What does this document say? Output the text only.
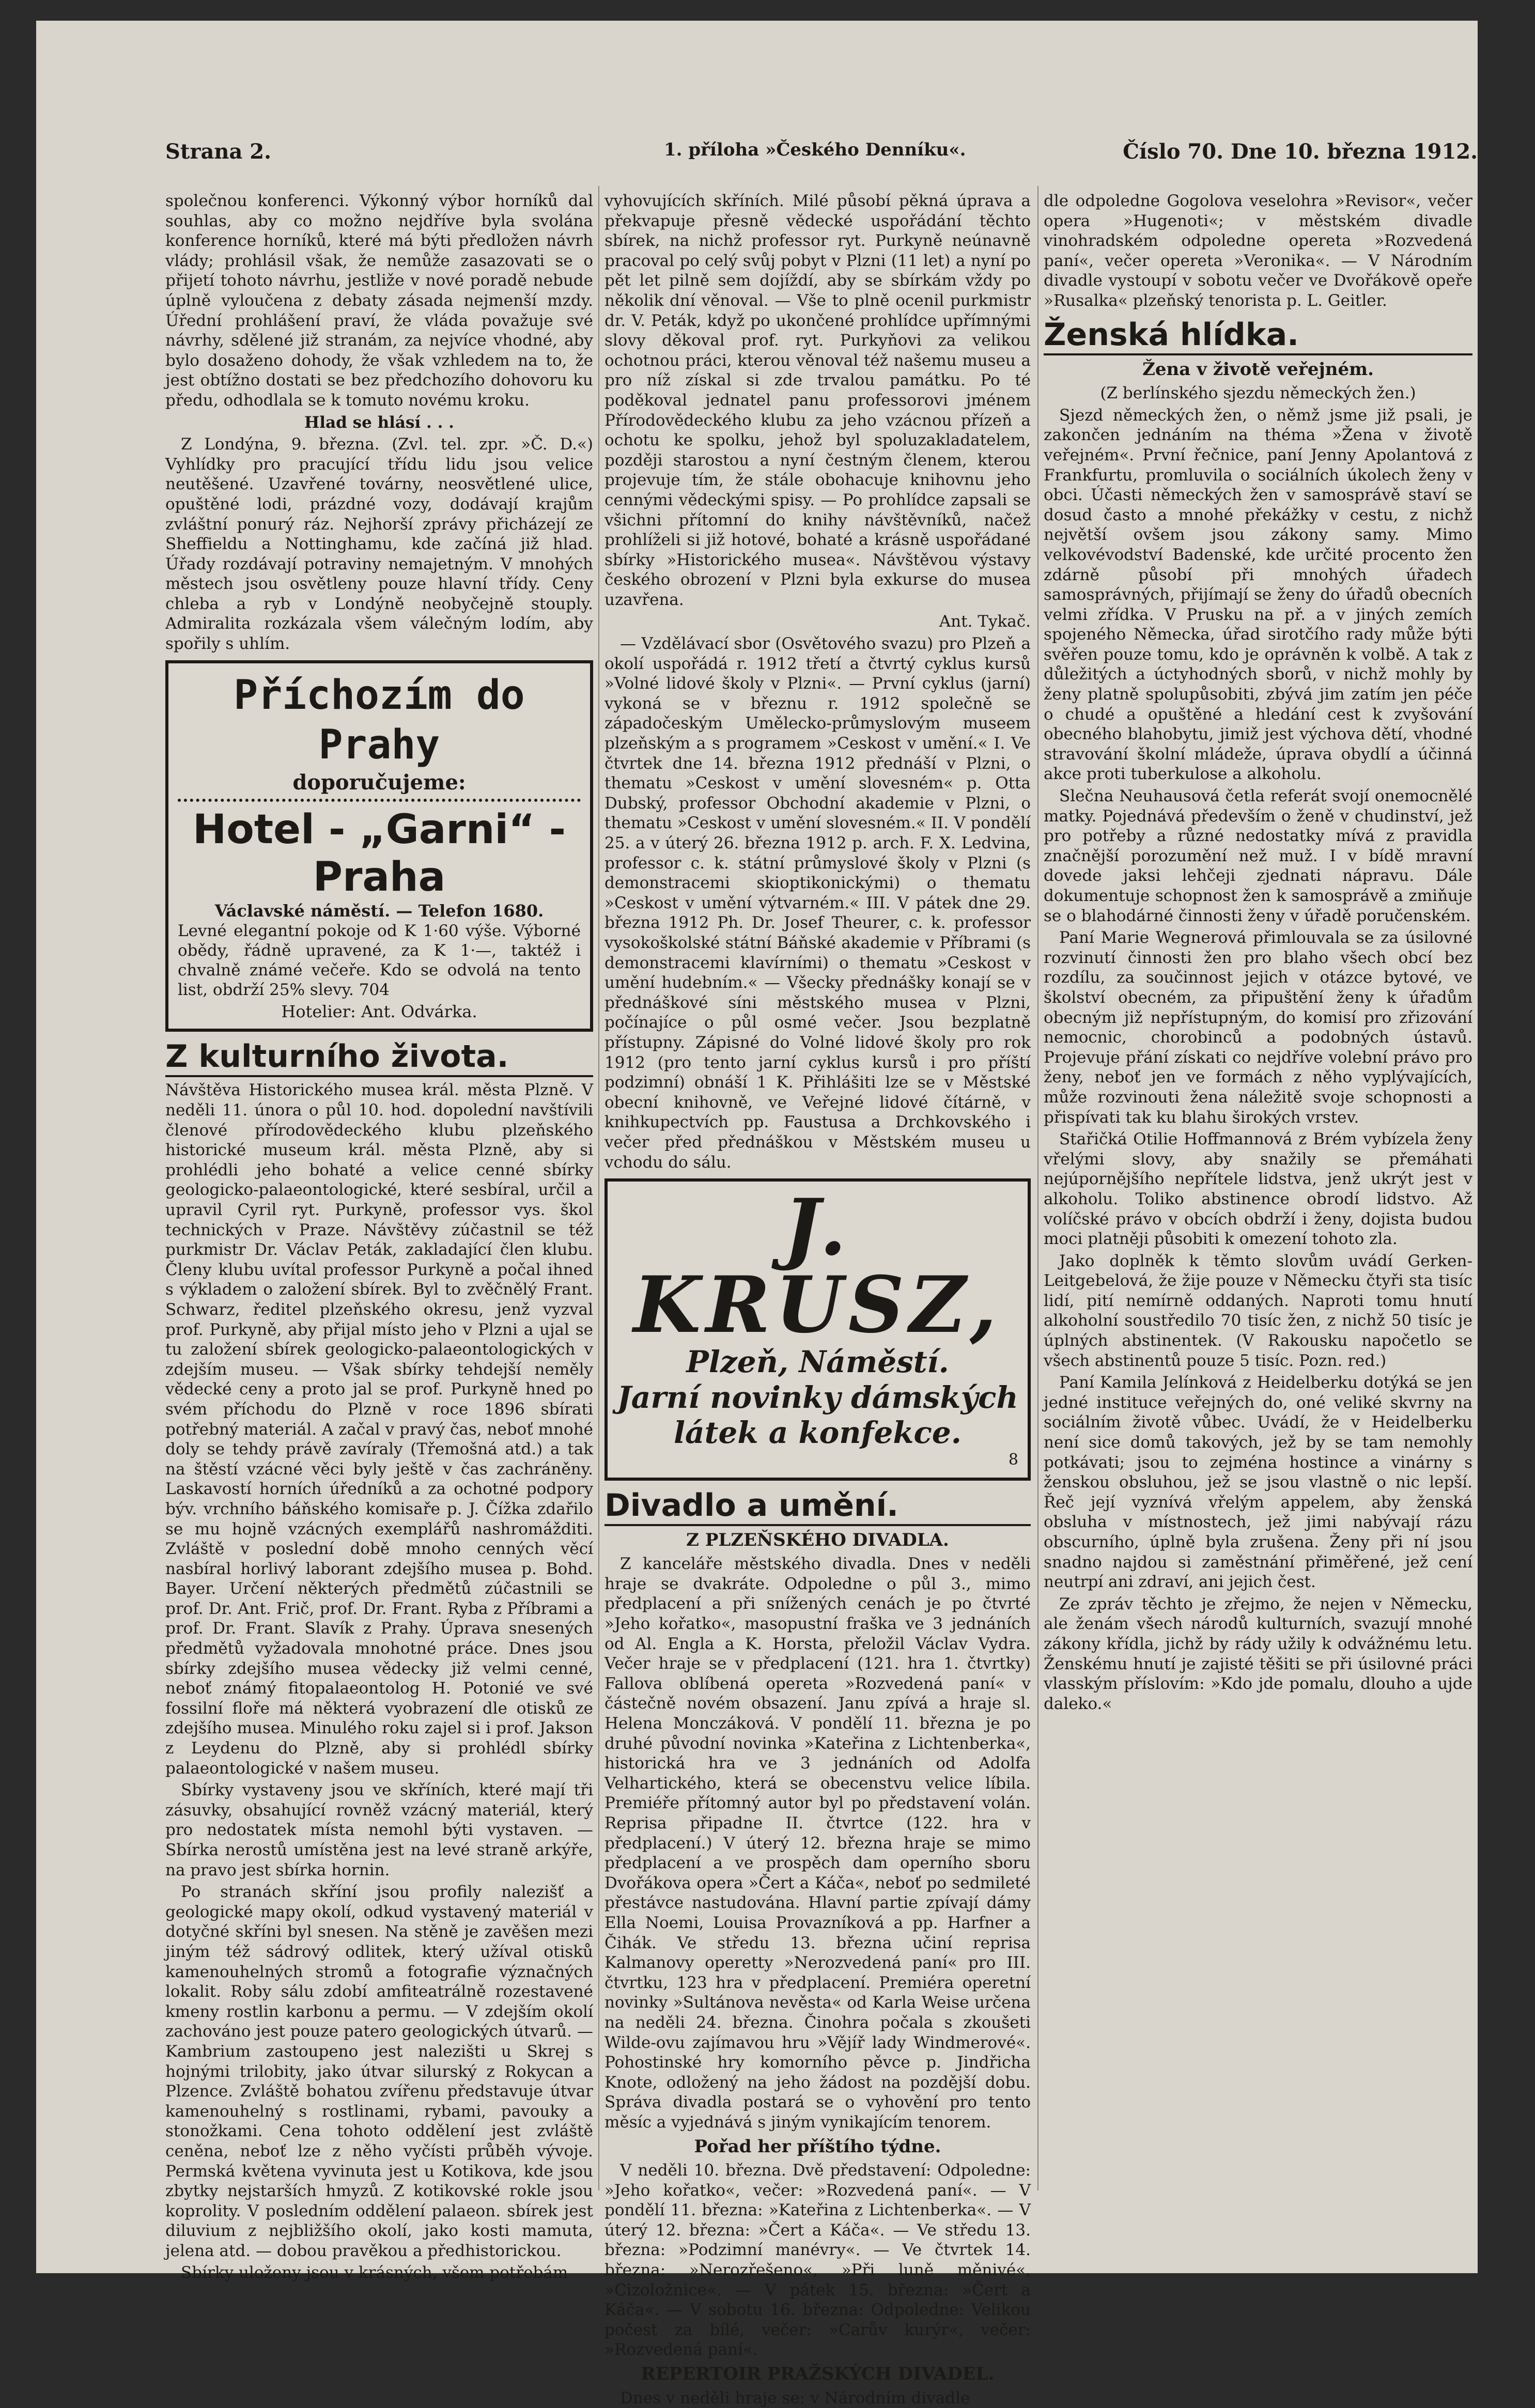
Strana 2.	1. příloha »Českého Denníku«.	Číslo 70. Dne 10. března 1912.

společnou konferenci. Výkonný výbor horníků dal souhlas, aby co možno nejdříve byla svolána konference horníků, které má býti předložen návrh vlády; prohlásil však, že nemůže zasazovati se o přijetí tohoto návrhu, jestliže v nové poradě nebude úplně vyloučena z debaty zásada nejmenší mzdy. Úřední prohlášení praví, že vláda považuje své návrhy, sdělené již stranám, za nejvíce vhodné, aby bylo dosaženo dohody, že však vzhledem na to, že jest obtížno dostati se bez předchozího dohovoru ku předu, odhodlala se k tomuto novému kroku.

Hlad se hlásí . . .

Z Londýna, 9. března. (Zvl. tel. zpr. »Č. D.«) Vyhlídky pro pracující třídu lidu jsou velice neutěšené. Uzavřené továrny, neosvětlené ulice, opuštěné lodi, prázdné vozy, dodávají krajům zvláštní ponurý ráz. Nejhorší zprávy přicházejí ze Sheffieldu a Nottinghamu, kde začíná již hlad. Úřady rozdávají potraviny nemajetným. V mnohých městech jsou osvětleny pouze hlavní třídy. Ceny chleba a ryb v Londýně neobyčejně stouply. Admiralita rozkázala všem válečným lodím, aby spořily s uhlím.

Příchozím do Prahy
doporučujeme:
Hotel - „Garni“ - Praha
Václavské náměstí. — Telefon 1680.
Levné elegantní pokoje od K 1·60 výše. Výborné obědy, řádně upravené, za K 1·—, taktéž i chvalně známé večeře. Kdo se odvolá na tento list, obdrží 25% slevy. 704
Hotelier: Ant. Odvárka.
Z kulturního života.

Návštěva Historického musea král. města Plzně. V neděli 11. února o půl 10. hod. dopolední navštívili členové přírodovědeckého klubu plzeňského historické museum král. města Plzně, aby si prohlédli jeho bohaté a velice cenné sbírky geologicko-palaeontologické, které sesbíral, určil a upravil Cyril ryt. Purkyně, professor vys. škol technických v Praze. Návštěvy zúčastnil se též purkmistr Dr. Václav Peták, zakladající člen klubu. Členy klubu uvítal professor Purkyně a počal ihned s výkladem o založení sbírek. Byl to zvěčnělý Frant. Schwarz, ředitel plzeňského okresu, jenž vyzval prof. Purkyně, aby přijal místo jeho v Plzni a ujal se tu založení sbírek geologicko-palaeontologických v zdejším museu. — Však sbírky tehdejší neměly vědecké ceny a proto jal se prof. Purkyně hned po svém příchodu do Plzně v roce 1896 sbírati potřebný materiál. A začal v pravý čas, neboť mnohé doly se tehdy právě zavíraly (Třemošná atd.) a tak na štěstí vzácné věci byly ještě v čas zachráněny. Laskavostí horních úředníků a za ochotné podpory býv. vrchního báňského komisaře p. J. Čížka zdařilo se mu hojně vzácných exemplářů nashromážditi. Zvláště v poslední době mnoho cenných věcí nasbíral horlivý laborant zdejšího musea p. Bohd. Bayer. Určení některých předmětů zúčastnili se prof. Dr. Ant. Frič, prof. Dr. Frant. Ryba z Příbrami a prof. Dr. Frant. Slavík z Prahy. Úprava snesených předmětů vyžadovala mnohotné práce. Dnes jsou sbírky zdejšího musea vědecky již velmi cenné, neboť známý fitopalaeontolog H. Potonié ve své fossilní floře má některá vyobrazení dle otisků ze zdejšího musea. Minulého roku zajel si i prof. Jakson z Leydenu do Plzně, aby si prohlédl sbírky palaeontologické v našem museu.

Sbírky vystaveny jsou ve skříních, které mají tři zásuvky, obsahující rovněž vzácný materiál, který pro nedostatek místa nemohl býti vystaven. — Sbírka nerostů umístěna jest na levé straně arkýře, na pravo jest sbírka hornin.

Po stranách skříní jsou profily nalezišť a geologické mapy okolí, odkud vystavený materiál v dotyčné skříni byl snesen. Na stěně je zavěšen mezi jiným též sádrový odlitek, který užíval otisků kamenouhelných stromů a fotografie význačných lokalit. Roby sálu zdobí amfiteatrálně rozestavené kmeny rostlin karbonu a permu. — V zdejším okolí zachováno jest pouze patero geologických útvarů. — Kambrium zastoupeno jest nalezišti u Skrej s hojnými trilobity, jako útvar silurský z Rokycan a Plzence. Zvláště bohatou zvířenu představuje útvar kamenouhelný s rostlinami, rybami, pavouky a stonožkami. Cena tohoto oddělení jest zvláště ceněna, neboť lze z něho vyčísti průběh vývoje. Permská květena vyvinuta jest u Kotikova, kde jsou zbytky nejstarších hmyzů. Z kotikovské rokle jsou koprolity. V posledním oddělení palaeon. sbírek jest diluvium z nejbližšího okolí, jako kosti mamuta, jelena atd. — dobou pravěkou a předhistorickou.

Sbírky uloženy jsou v krásných, všem potřebám

vyhovujících skříních. Milé působí pěkná úprava a překvapuje přesně vědecké uspořádání těchto sbírek, na nichž professor ryt. Purkyně neúnavně pracoval po celý svůj pobyt v Plzni (11 let) a nyní po pět let pilně sem dojíždí, aby se sbírkám vždy po několik dní věnoval. — Vše to plně ocenil purkmistr dr. V. Peták, když po ukončené prohlídce upřímnými slovy děkoval prof. ryt. Purkyňovi za velikou ochotnou práci, kterou věnoval též našemu museu a pro níž získal si zde trvalou památku. Po té poděkoval jednatel panu professorovi jménem Přírodovědeckého klubu za jeho vzácnou přízeň a ochotu ke spolku, jehož byl spoluzakladatelem, později starostou a nyní čestným členem, kterou projevuje tím, že stále obohacuje knihovnu jeho cennými vědeckými spisy. — Po prohlídce zapsali se všichni přítomní do knihy návštěvníků, načež prohlíželi si již hotové, bohaté a krásně uspořádané sbírky »Historického musea«. Návštěvou výstavy českého obrození v Plzni byla exkurse do musea uzavřena.

Ant. Tykač.

— Vzdělávací sbor (Osvětového svazu) pro Plzeň a okolí uspořádá r. 1912 třetí a čtvrtý cyklus kursů »Volné lidové školy v Plzni«. — První cyklus (jarní) vykoná se v březnu r. 1912 společně se západočeským Umělecko-průmyslovým museem plzeňským a s programem »Ceskost v umění.« I. Ve čtvrtek dne 14. března 1912 přednáší v Plzni, o thematu »Ceskost v umění slovesném« p. Otta Dubský, professor Obchodní akademie v Plzni, o thematu »Ceskost v umění slovesném.« II. V pondělí 25. a v úterý 26. března 1912 p. arch. F. X. Ledvina, professor c. k. státní průmyslové školy v Plzni (s demonstracemi skioptikonickými) o thematu »Ceskost v umění výtvarném.« III. V pátek dne 29. března 1912 Ph. Dr. Josef Theurer, c. k. professor vysokoškolské státní Báňské akademie v Příbrami (s demonstracemi klavírními) o thematu »Ceskost v umění hudebním.« — Všecky přednášky konají se v přednáškové síni městského musea v Plzni, počínajíce o půl osmé večer. Jsou bezplatně přístupny. Zápisné do Volné lidové školy pro rok 1912 (pro tento jarní cyklus kursů i pro příští podzimní) obnáší 1 K. Přihlášiti lze se v Městské obecní knihovně, ve Veřejné lidové čítárně, v knihkupectvích pp. Faustusa a Drchkovského i večer před přednáškou v Městském museu u vchodu do sálu.

J. KRUSZ,
Plzeň, Náměstí.
Jarní novinky dámských
látek a konfekce.
8
Divadlo a umění.
Z PLZEŇSKÉHO DIVADLA.

Z kanceláře městského divadla. Dnes v neděli hraje se dvakráte. Odpoledne o půl 3., mimo předplacení a při snížených cenách je po čtvrté »Jeho kořatko«, masopustní fraška ve 3 jednáních od Al. Engla a K. Horsta, přeložil Václav Vydra. Večer hraje se v předplacení (121. hra 1. čtvrtky) Fallova oblíbená opereta »Rozvedená paní« v částečně novém obsazení. Janu zpívá a hraje sl. Helena Monczáková. V pondělí 11. března je po druhé původní novinka »Kateřina z Lichtenberka«, historická hra ve 3 jednáních od Adolfa Velhartického, která se obecenstvu velice líbila. Premiéře přítomný autor byl po představení volán. Reprisa připadne II. čtvrtce (122. hra v předplacení.) V úterý 12. března hraje se mimo předplacení a ve prospěch dam operního sboru Dvořákova opera »Čert a Káča«, neboť po sedmileté přestávce nastudována. Hlavní partie zpívají dámy Ella Noemi, Louisa Provazníková a pp. Harfner a Čihák. Ve středu 13. března učiní reprisa Kalmanovy operetty »Nerozvedená paní« pro III. čtvrtku, 123 hra v předplacení. Premiéra operetní novinky »Sultánova nevěsta« od Karla Weise určena na neděli 24. března. Činohra počala s zkoušeti Wilde-ovu zajímavou hru »Vějíř lady Windmerové«. Pohostinské hry komorního pěvce p. Jindřicha Knote, odložený na jeho žádost na pozdější dobu. Správa divadla postará se o vyhovění pro tento měsíc a vyjednává s jiným vynikajícím tenorem.

Pořad her příštího týdne.

V neděli 10. března. Dvě představení: Odpoledne: »Jeho kořatko«, večer: »Rozvedená paní«. — V pondělí 11. března: »Kateřina z Lichtenberka«. — V úterý 12. března: »Čert a Káča«. — Ve středu 13. března: »Podzimní manévry«. — Ve čtvrtek 14. března: »Nerozřešeno«, »Při luně měnivé«, »Cizoložnice«. — V pátek 15. března: »Čert a Káča«. — V sobotu 16. března: Odpoledne: Velikou počest za bílé, večer: »Carův kurýr«, večer: »Rozvedená paní«.

REPERTOIR PRAŽSKÝCH DIVADEL.

Dnes v neděli hraje se: v Národním divadle

dle odpoledne Gogolova veselohra »Revisor«, večer opera »Hugenoti«; v městském divadle vinohradském odpoledne opereta »Rozvedená paní«, večer opereta »Veronika«. — V Národním divadle vystoupí v sobotu večer ve Dvořákově opeře »Rusalka« plzeňský tenorista p. L. Geitler.

Ženská hlídka.
Žena v životě veřejném.

(Z berlínského sjezdu německých žen.)

Sjezd německých žen, o němž jsme již psali, je zakončen jednáním na théma »Žena v životě veřejném«. První řečnice, paní Jenny Apolantová z Frankfurtu, promluvila o sociálních úkolech ženy v obci. Účasti německých žen v samosprávě staví se dosud často a mnohé překážky v cestu, z nichž největší ovšem jsou zákony samy. Mimo velkovévodství Badenské, kde určité procento žen zdárně působí při mnohých úřadech samosprávných, přijímají se ženy do úřadů obecních velmi zřídka. V Prusku na př. a v jiných zemích spojeného Německa, úřad sirotčího rady může býti svěřen pouze tomu, kdo je oprávněn k volbě. A tak z důležitých a úctyhodných sborů, v nichž mohly by ženy platně spolupůsobiti, zbývá jim zatím jen péče o chudé a opuštěné a hledání cest k zvyšování obecného blahobytu, jimiž jest výchova dětí, vhodné stravování školní mládeže, úprava obydlí a účinná akce proti tuberkulose a alkoholu.

Slečna Neuhausová četla referát svojí onemocnělé matky. Pojednává především o ženě v chudinství, jež pro potřeby a různé nedostatky mívá z pravidla značnější porozumění než muž. I v bídě mravní dovede jaksi lehčeji zjednati nápravu. Dále dokumentuje schopnost žen k samosprávě a zmiňuje se o blahodárné činnosti ženy v úřadě poručenském.

Paní Marie Wegnerová přimlouvala se za úsilovné rozvinutí činnosti žen pro blaho všech obcí bez rozdílu, za součinnost jejich v otázce bytové, ve školství obecném, za připuštění ženy k úřadům obecným již nepřístupným, do komisí pro zřizování nemocnic, chorobinců a podobných ústavů. Projevuje přání získati co nejdříve volební právo pro ženy, neboť jen ve formách z něho vyplývajících, může rozvinouti žena náležitě svoje schopnosti a přispívati tak ku blahu širokých vrstev.

Stařičká Otilie Hoffmannová z Brém vybízela ženy vřelými slovy, aby snažily se přemáhati nejúpornějšího nepřítele lidstva, jenž ukrýt jest v alkoholu. Toliko abstinence obrodí lidstvo. Až volíčské právo v obcích obdrží i ženy, dojista budou moci platněji působiti k omezení tohoto zla.

Jako doplněk k těmto slovům uvádí Gerken-Leitgebelová, že žije pouze v Německu čtyři sta tisíc lidí, pití nemírně oddaných. Naproti tomu hnutí alkoholní soustředilo 70 tisíc žen, z nichž 50 tisíc je úplných abstinentek. (V Rakousku napočetlo se všech abstinentů pouze 5 tisíc. Pozn. red.)

Paní Kamila Jelínková z Heidelberku dotýká se jen jedné instituce veřejných do, oné veliké skvrny na sociálním životě vůbec. Uvádí, že v Heidelberku není sice domů takových, jež by se tam nemohly potkávati; jsou to zejména hostince a vinárny s ženskou obsluhou, jež se jsou vlastně o nic lepší. Řeč její vyznívá vřelým appelem, aby ženská obsluha v místnostech, jež jimi nabývají rázu obscurního, úplně byla zrušena. Ženy při ní jsou snadno najdou si zaměstnání přiměřené, jež cení neutrpí ani zdraví, ani jejich čest.

Ze zpráv těchto je zřejmo, že nejen v Německu, ale ženám všech národů kulturních, svazují mnohé zákony křídla, jichž by rády užily k odvážnému letu. Ženskému hnutí je zajisté těšiti se při úsilovné práci vlasským příslovím: »Kdo jde pomalu, dlouho a ujde daleko.«
